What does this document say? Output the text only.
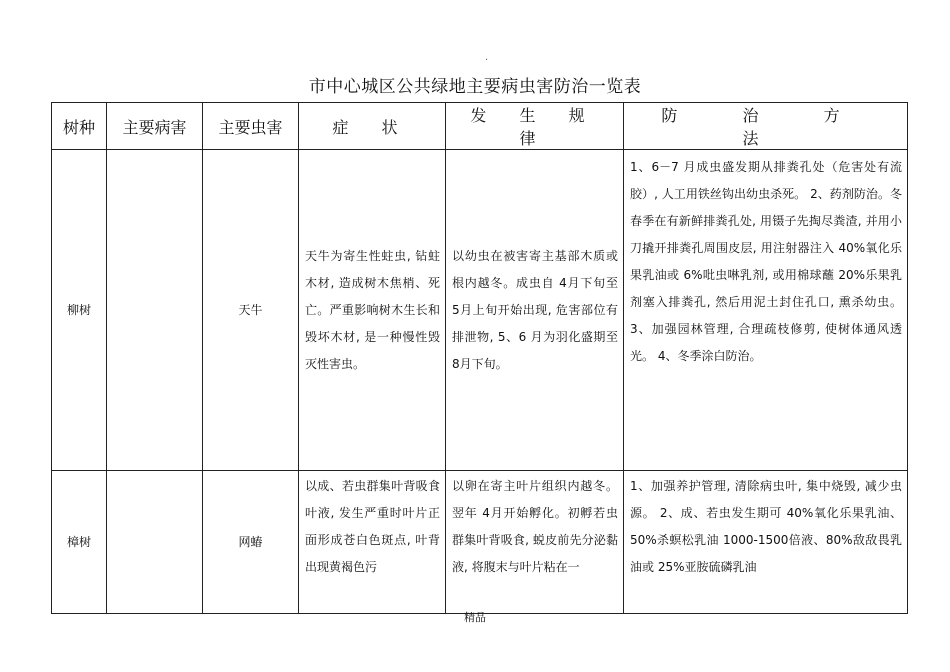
.
市中心城区公共绿地主要病虫害防治一览表
树种	主要病害	主要虫害	症 状	发 生 规 律	防 治 方 法
柳树		天牛	天牛为寄生性蛀虫, 钻蛀木材, 造成树木焦梢、死亡。严重影响树木生长和毁坏木材, 是一种慢性毁灭性害虫。	以幼虫在被害寄主基部木质或根内越冬。成虫自 4月下旬至 5月上旬开始出现, 危害部位有排泄物, 5、6 月为羽化盛期至 8月下旬。	1、6－7 月成虫盛发期从排粪孔处（危害处有流胶）, 人工用铁丝钩出幼虫杀死。 2、药剂防治。冬春季在有新鲜排粪孔处, 用镊子先掏尽粪渣, 并用小刀撬开排粪孔周围皮层, 用注射器注入 40%氧化乐果乳油或 6%吡虫啉乳剂, 或用棉球蘸 20%乐果乳剂塞入排粪孔, 然后用泥土封住孔口, 熏杀幼虫。 3、加强园林管理, 合理疏枝修剪, 使树体通风透光。 4、冬季涂白防治。
樟树		网蝽	以成、若虫群集叶背吸食叶液, 发生严重时叶片正面形成苍白色斑点, 叶背出现黄褐色污	以卵在寄主叶片组织内越冬。翌年 4月开始孵化。初孵若虫群集叶背吸食, 蜕皮前先分泌黏液, 将腹末与叶片粘在一	1、加强养护管理, 清除病虫叶, 集中烧毁, 减少虫源。 2、成、若虫发生期可 40%氧化乐果乳油、 50%杀螟松乳油 1000-1500倍液、80%敌敌畏乳油或 25%亚胺硫磷乳油
精品
